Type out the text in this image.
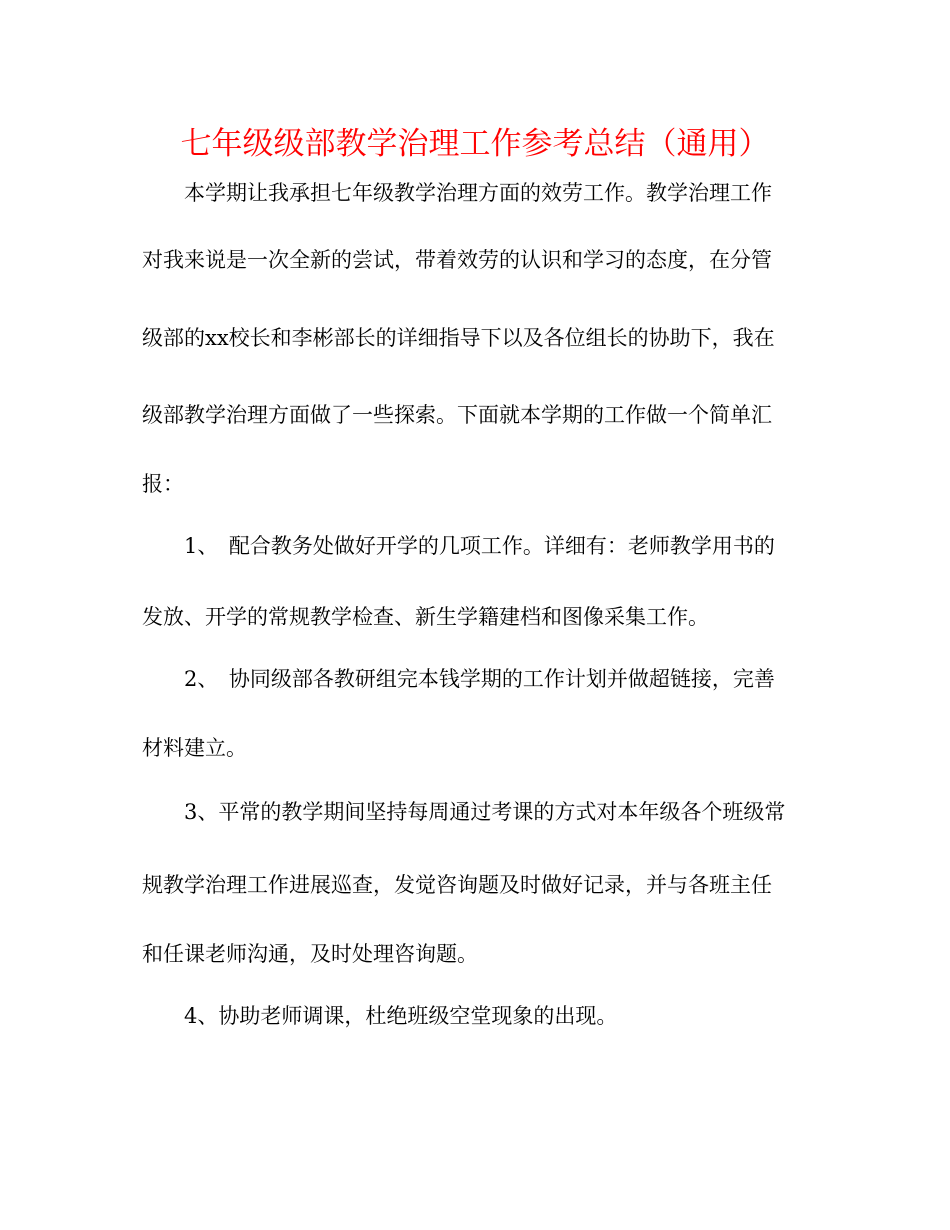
七年级级部教学治理工作参考总结（通用）

本学期让我承担七年级教学治理方面的效劳工作。教学治理工作

对我来说是一次全新的尝试，带着效劳的认识和学习的态度，在分管

级部的xx校长和李彬部长的详细指导下以及各位组长的协助下，我在

级部教学治理方面做了一些探索。下面就本学期的工作做一个简单汇

报：

1、　配合教务处做好开学的几项工作。详细有：老师教学用书的

发放、开学的常规教学检查、新生学籍建档和图像采集工作。

2、　协同级部各教研组完本钱学期的工作计划并做超链接，完善

材料建立。

3、平常的教学期间坚持每周通过考课的方式对本年级各个班级常

规教学治理工作进展巡查，发觉咨询题及时做好记录，并与各班主任

和任课老师沟通，及时处理咨询题。

4、协助老师调课，杜绝班级空堂现象的出现。
